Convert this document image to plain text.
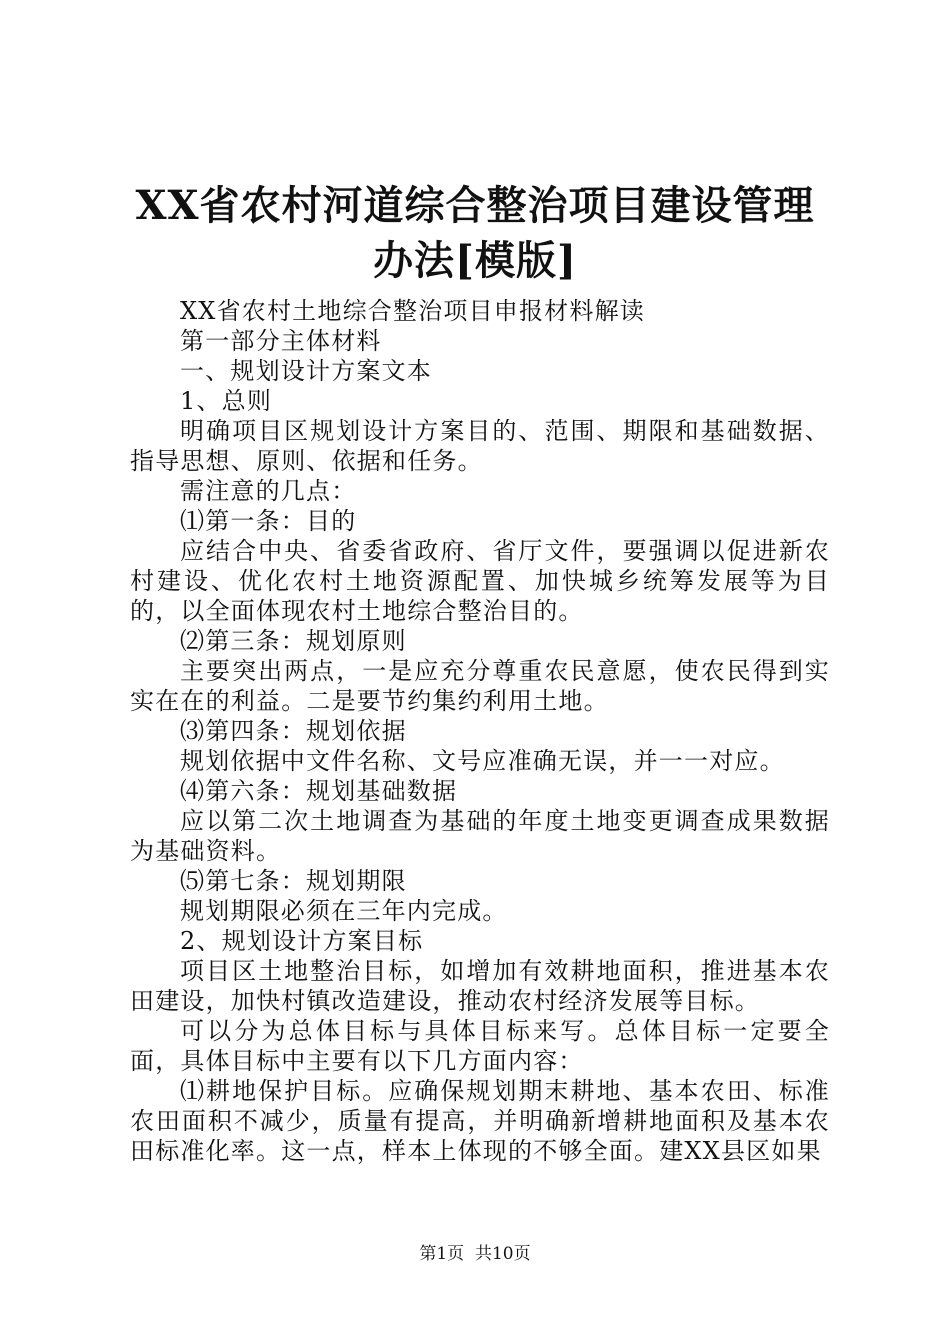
XX省农村河道综合整治项目建设管理办法[模版]

XX省农村土地综合整治项目申报材料解读

第一部分主体材料

一、规划设计方案文本

1、总则

明确项目区规划设计方案目的、范围、期限和基础数据、指导思想、原则、依据和任务。

需注意的几点：

⑴第一条：目的

应结合中央、省委省政府、省厅文件，要强调以促进新农村建设、优化农村土地资源配置、加快城乡统筹发展等为目的，以全面体现农村土地综合整治目的。

⑵第三条：规划原则

主要突出两点，一是应充分尊重农民意愿，使农民得到实实在在的利益。二是要节约集约利用土地。

⑶第四条：规划依据

规划依据中文件名称、文号应准确无误，并一一对应。

⑷第六条：规划基础数据

应以第二次土地调查为基础的年度土地变更调查成果数据为基础资料。

⑸第七条：规划期限

规划期限必须在三年内完成。

2、规划设计方案目标

项目区土地整治目标，如增加有效耕地面积，推进基本农田建设，加快村镇改造建设，推动农村经济发展等目标。

可以分为总体目标与具体目标来写。总体目标一定要全面，具体目标中主要有以下几方面内容：

⑴耕地保护目标。应确保规划期末耕地、基本农田、标准农田面积不减少，质量有提高，并明确新增耕地面积及基本农田标准化率。这一点，样本上体现的不够全面。建XX县区如果

第1页  共10页
